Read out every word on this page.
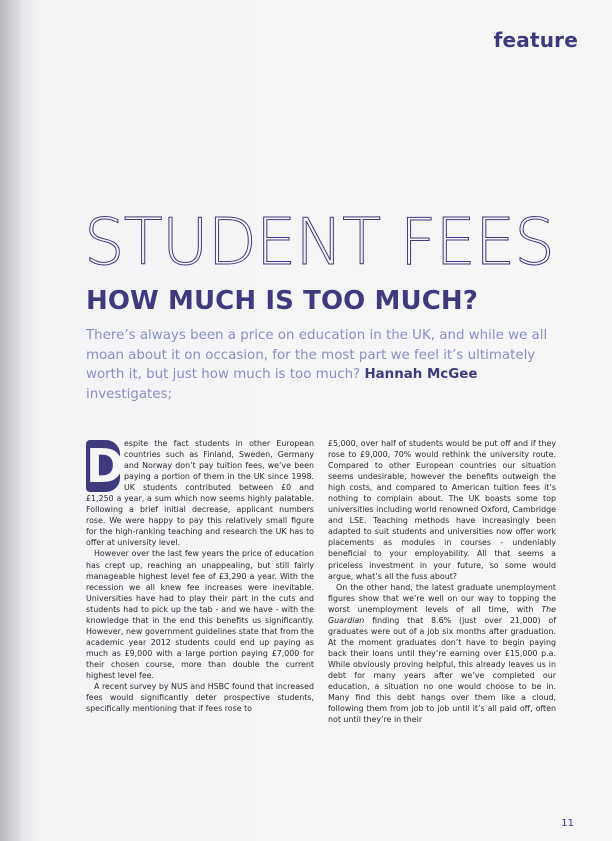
feature

STUDENT FEES
HOW MUCH IS TOO MUCH?

There’s always been a price on education in the UK, and while we all moan about it on occasion, for the most part we feel it’s ultimately worth it, but just how much is too much? Hannah McGee investigates;

D espite the fact students in other European countries such as Finland, Sweden, Germany and Norway don’t pay tuition fees, we’ve been paying a portion of them in the UK since 1998. UK students contributed between £0 and £1,250 a year, a sum which now seems highly palatable. Following a brief initial decrease, applicant numbers rose. We were happy to pay this relatively small figure for the high-ranking teaching and research the UK has to offer at university level.

However over the last few years the price of education has crept up, reaching an unappealing, but still fairly manageable highest level fee of £3,290 a year. With the recession we all knew fee increases were inevitable. Universities have had to play their part in the cuts and students had to pick up the tab - and we have - with the knowledge that in the end this benefits us significantly. However, new government guidelines state that from the academic year 2012 students could end up paying as much as £9,000 with a large portion paying £7,000 for their chosen course, more than double the current highest level fee.

A recent survey by NUS and HSBC found that increased fees would significantly deter prospective students, specifically mentioning that if fees rose to

£5,000, over half of students would be put off and if they rose to £9,000, 70% would rethink the university route. Compared to other European countries our situation seems undesirable, however the benefits outweigh the high costs, and compared to American tuition fees it’s nothing to complain about. The UK boasts some top universities including world renowned Oxford, Cambridge and LSE. Teaching methods have increasingly been adapted to suit students and universities now offer work placements as modules in courses - undeniably beneficial to your employability. All that seems a priceless investment in your future, so some would argue, what’s all the fuss about?

On the other hand, the latest graduate unemployment figures show that we’re well on our way to topping the worst unemployment levels of all time, with The Guardian finding that 8.6% (just over 21,000) of graduates were out of a job six months after graduation. At the moment graduates don’t have to begin paying back their loans until they’re earning over £15,000 p.a. While obviously proving helpful, this already leaves us in debt for many years after we’ve completed our education, a situation no one would choose to be in. Many find this debt hangs over them like a cloud, following them from job to job until it’s all paid off, often not until they’re in their

11
